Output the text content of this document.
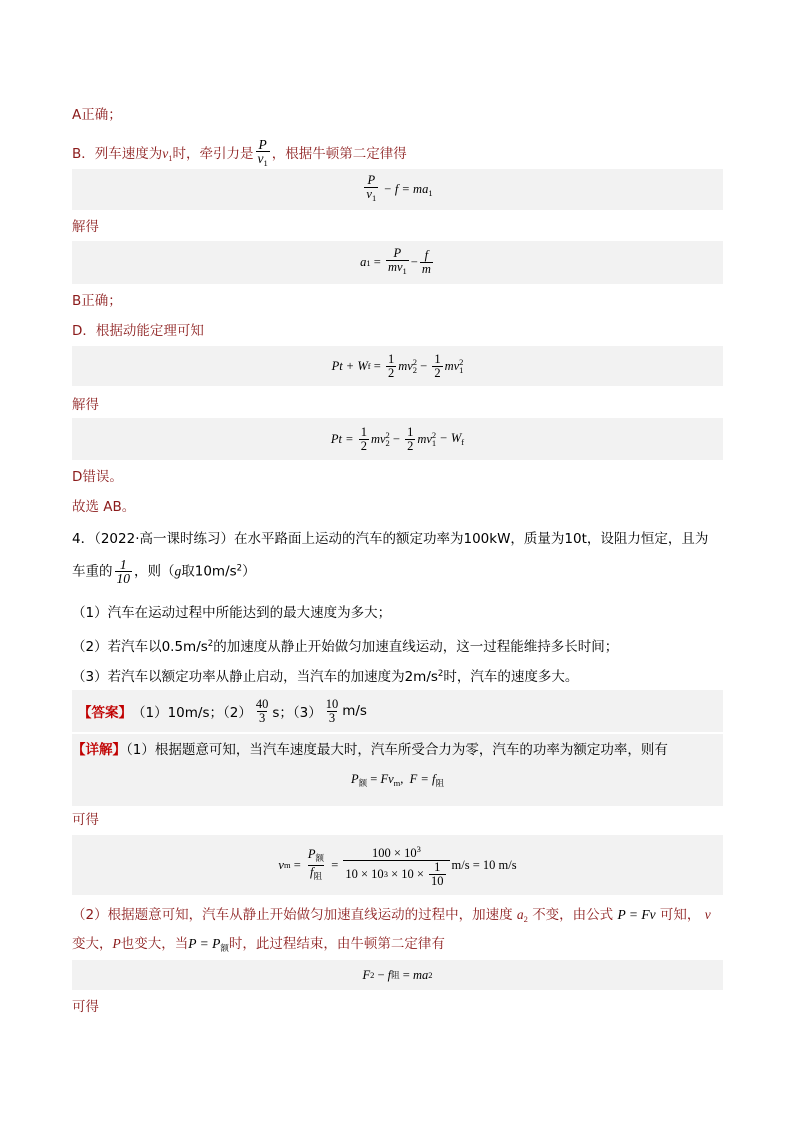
A正确；
B．列车速度为$v_1$时，牵引力是 $\frac{P}{v_1}$ ，根据牛顿第二定律得
$\frac{P}{v_1} - f = ma_1$
解得
a $1 = \frac{P}{mv_1} - \frac{f}{m}$
B正确；
D．根据动能定理可知
Pt + W $f = \frac{1}{2}$ mv 2
$2 - \frac{1}{2}$ mv 2
1
解得
Pt =
$\frac{1}{2}$ mv 2
$2 - \frac{1}{2}$ mv 2
$1 - W_f$
D错误。
故选 AB。
4．（2022·高一课时练习）在水平路面上运动的汽车的额定功率为100kW，质量为10t，设阻力恒定，且为
车重的 $\frac{1}{10}$ ，则（g取$10m/s^2$）
（1）汽车在运动过程中所能达到的最大速度为多大；
（2）若汽车以$0.5m/s^2$的加速度从静止开始做匀加速直线运动，这一过程能维持多长时间；
（3）若汽车以额定功率从静止启动，当汽车的加速度为$2m/s^2$时，汽车的速度多大。
【答案】 （1）10m/s；$(2) \frac{40}{3}$ s；$(3) \frac{10}{3} m/s$
【详解】（1）根据题意可知，当汽车速度最大时，汽车所受合力为零，汽车的功率为额定功率，则有
$P_额 = Fv_m$,  $F = f_阻$
可得
v $m = \frac{P_额}{f_阻} = 100 \times 10^3$
10 × 10 3
× 10 ×
$\frac{1}{10} m/s = 10$ m/s
（2）根据题意可知，汽车从静止开始做匀加速直线运动的过程中，加速度 $a_2$ 不变，由公式 P = Fv 可知， v
变大，P也变大，当$P = P_额$时，此过程结束，由牛顿第二定律有
F 2 − f 阻 = ma 2
可得
